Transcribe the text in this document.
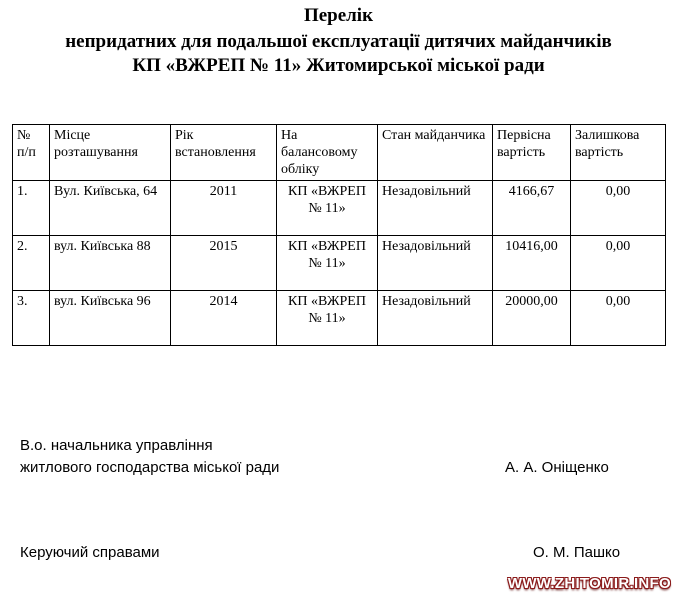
Перелік
непридатних для подальшої експлуатації дитячих майданчиків
КП «ВЖРЕП № 11» Житомирської міської ради
№ п/п	Місце розташування	Рік встановлення	На балансовому обліку	Стан майданчика	Первісна вартість	Залишкова вартість
1.	Вул. Київська, 64	2011	КП «ВЖРЕП № 11»	Незадовільний	4166,67	0,00
2.	вул. Київська 88	2015	КП «ВЖРЕП № 11»	Незадовільний	10416,00	0,00
3.	вул. Київська 96	2014	КП «ВЖРЕП № 11»	Незадовільний	20000,00	0,00
В.о. начальника управління
житлового господарства міської ради	А. А. Оніщенко
Керуючий справами	О. М. Пашко
WWW.ZHITOMIR.INFO
